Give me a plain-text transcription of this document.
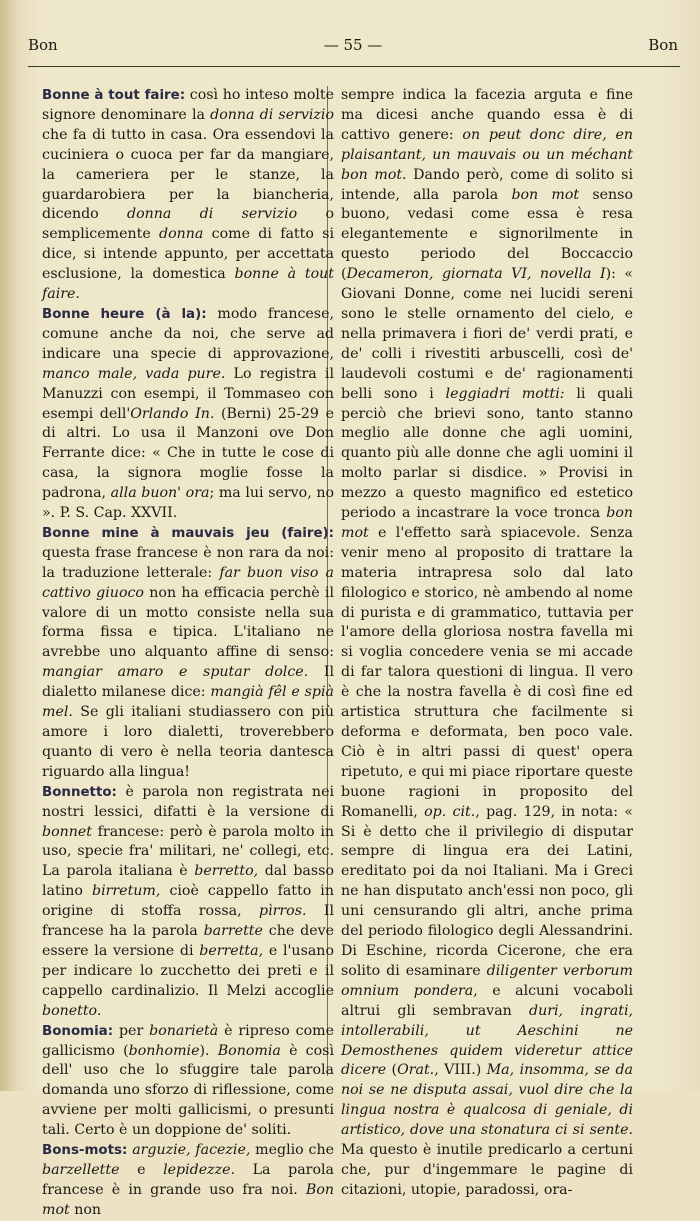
Bon	— 55 —	Bon

Bonne à tout faire: così ho inteso molte signore denominare la donna di servizio che fa di tutto in casa. Ora essendovi la cuciniera o cuoca per far da mangiare, la cameriera per le stanze, la guardarobiera per la biancheria, dicendo donna di servizio o semplicemente donna come di fatto si dice, si intende appunto, per accettata esclusione, la domestica bonne à tout faire.

Bonne heure (à la): modo francese, comune anche da noi, che serve ad indicare una specie di approvazione, manco male, vada pure. Lo registra il Manuzzi con esempi, il Tommaseo con esempi dell'Orlando In. (Berni) 25-29 e di altri. Lo usa il Manzoni ove Don Ferrante dice: « Che in tutte le cose di casa, la signora moglie fosse la padrona, alla buon' ora; ma lui servo, no ». P. S. Cap. XXVII.

Bonne mine à mauvais jeu (faire): questa frase francese è non rara da noi: la traduzione letterale: far buon viso a cattivo giuoco non ha efficacia perchè il valore di un motto consiste nella sua forma fissa e tipica. L'italiano ne avrebbe uno alquanto affine di senso: mangiar amaro e sputar dolce. Il dialetto milanese dice: mangià fêl e spià mel. Se gli italiani studiassero con più amore i loro dialetti, troverebbero quanto di vero è nella teoria dantesca riguardo alla lingua!

Bonnetto: è parola non registrata nei nostri lessici, difatti è la versione di bonnet francese: però è parola molto in uso, specie fra' militari, ne' collegi, etc. La parola italiana è berretto, dal basso latino birretum, cioè cappello fatto in origine di stoffa rossa, pìrros. Il francese ha la parola barrette che deve essere la versione di berretta, e l'usano per indicare lo zucchetto dei preti e il cappello cardinalizio. Il Melzi accoglie bonetto.

Bonomia: per bonarietà è ripreso come gallicismo (bonhomie). Bonomia è così dell' uso che lo sfuggire tale parola domanda uno sforzo di riflessione, come avviene per molti gallicismi, o presunti tali. Certo è un doppione de' soliti.

Bons-mots: arguzie, facezie, meglio che barzellette e lepidezze. La parola francese è in grande uso fra noi. Bon mot non

sempre indica la facezia arguta e fine ma dicesi anche quando essa è di cattivo genere: on peut donc dire, en plaisantant, un mauvais ou un méchant bon mot. Dando però, come di solito si intende, alla parola bon mot senso buono, vedasi come essa è resa elegantemente e signorilmente in questo periodo del Boccaccio (Decameron, giornata VI, novella I): « Giovani Donne, come nei lucidi sereni sono le stelle ornamento del cielo, e nella primavera i fiori de' verdi prati, e de' colli i rivestiti arbuscelli, così de' laudevoli costumi e de' ragionamenti belli sono i leggiadri motti: li quali perciò che brievi sono, tanto stanno meglio alle donne che agli uomini, quanto più alle donne che agli uomini il molto parlar si disdice. » Provisi in mezzo a questo magnifico ed estetico periodo a incastrare la voce tronca bon mot e l'effetto sarà spiacevole. Senza venir meno al proposito di trattare la materia intrapresa solo dal lato filologico e storico, nè ambendo al nome di purista e di grammatico, tuttavia per l'amore della gloriosa nostra favella mi si voglia concedere venia se mi accade di far talora questioni di lingua. Il vero è che la nostra favella è di così fine ed artistica struttura che facilmente si deforma e deformata, ben poco vale. Ciò è in altri passi di quest' opera ripetuto, e qui mi piace riportare queste buone ragioni in proposito del Romanelli, op. cit., pag. 129, in nota: « Si è detto che il privilegio di disputar sempre di lingua era dei Latini, ereditato poi da noi Italiani. Ma i Greci ne han disputato anch'essi non poco, gli uni censurando gli altri, anche prima del periodo filologico degli Alessandrini. Di Eschine, ricorda Cicerone, che era solito di esaminare diligenter verborum omnium pondera, e alcuni vocaboli altrui gli sembravan duri, ingrati, intollerabili, ut Aeschini ne Demosthenes quidem videretur attice dicere (Orat., VIII.) Ma, insomma, se da noi se ne disputa assai, vuol dire che la lingua nostra è qualcosa di geniale, di artistico, dove una stonatura ci si sente. Ma questo è inutile predicarlo a certuni che, pur d'ingemmare le pagine di citazioni, utopie, paradossi, ora-
